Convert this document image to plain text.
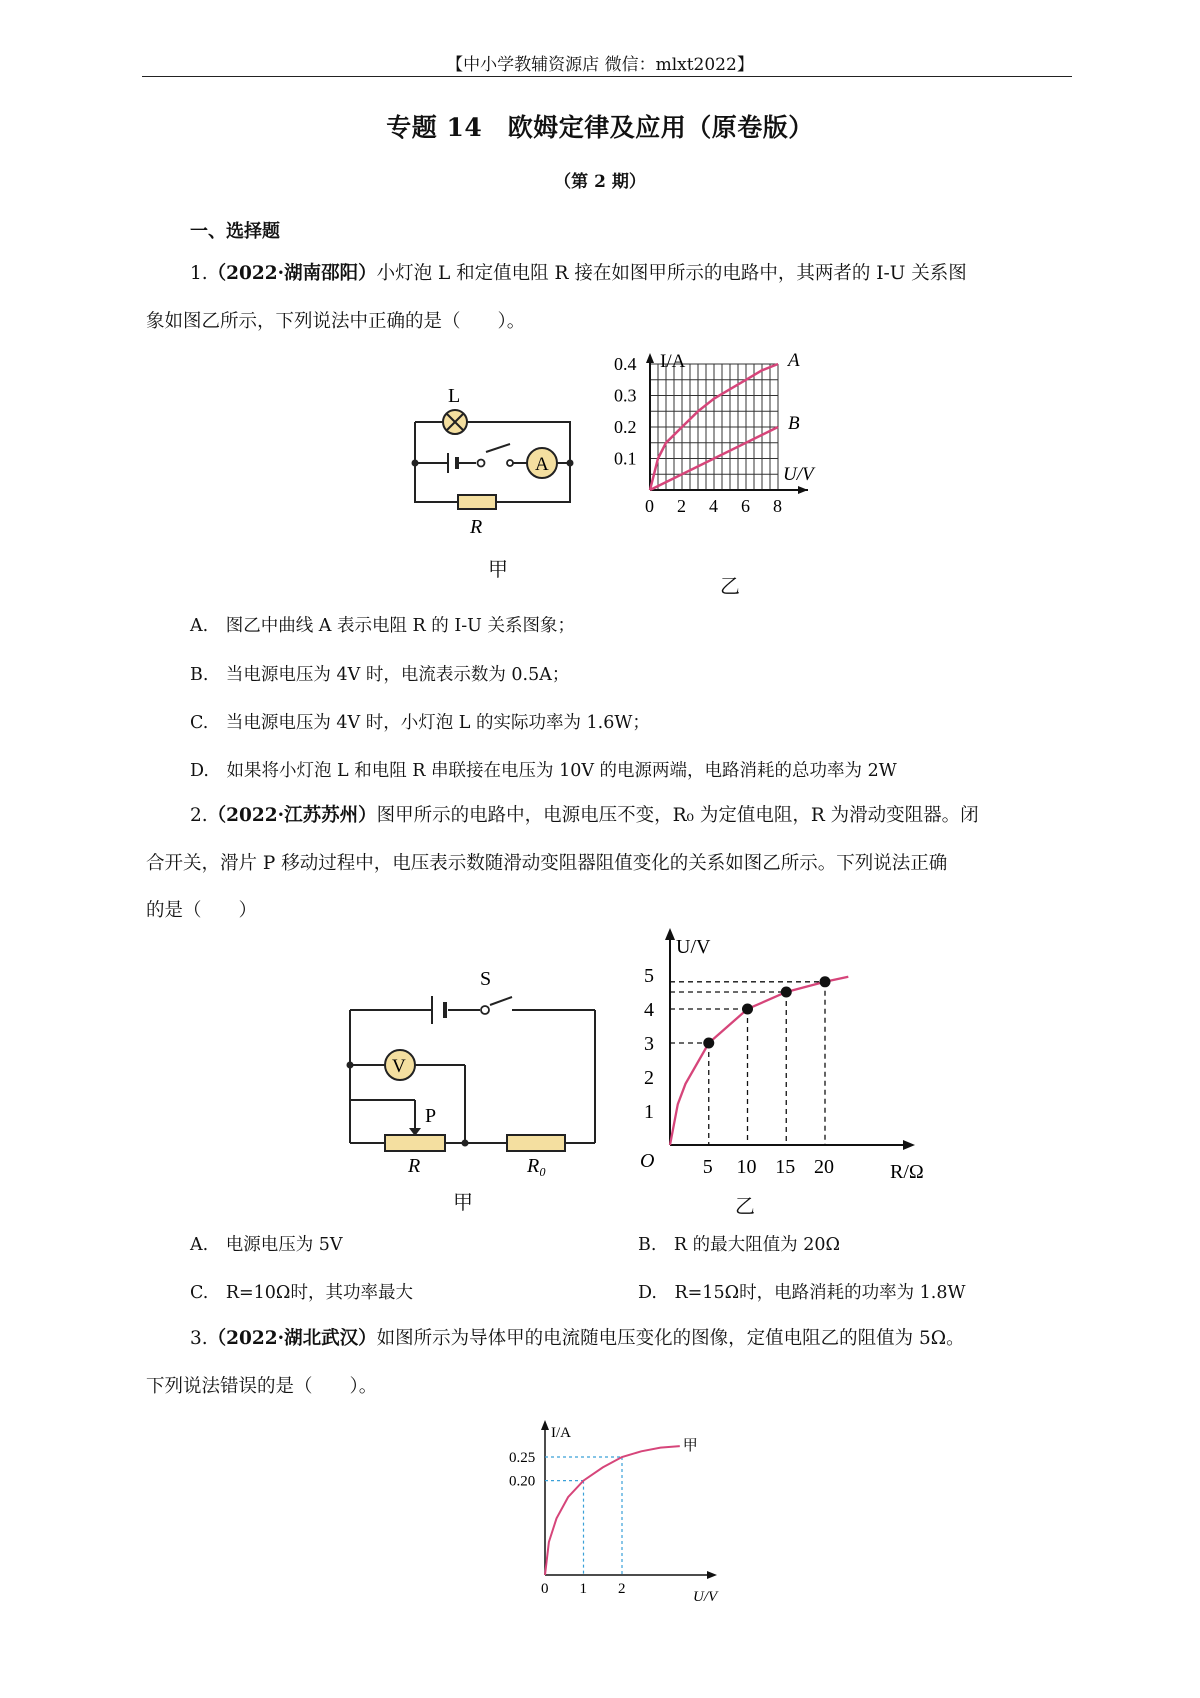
【中小学教辅资源店 微信：mlxt2022】
专题 14　欧姆定律及应用（原卷版）
（第 2 期）
一、选择题
1.（2022·湖南邵阳）小灯泡 L 和定值电阻 R 接在如图甲所示的电路中，其两者的 I-U 关系图
象如图乙所示，下列说法中正确的是（　　）。
L
A
R
甲
A
B
0.1
0.2
0.3
0.4
0 2 4 6 8
I/A
U/V
乙
A.　图乙中曲线 A 表示电阻 R 的 I-U 关系图象；
B.　当电源电压为 4V 时，电流表示数为 0.5A；
C.　当电源电压为 4V 时，小灯泡 L 的实际功率为 1.6W；
D.　如果将小灯泡 L 和电阻 R 串联接在电压为 10V 的电源两端，电路消耗的总功率为 2W
2.（2022·江苏苏州）图甲所示的电路中，电源电压不变，R₀ 为定值电阻，R 为滑动变阻器。闭
合开关，滑片 P 移动过程中，电压表示数随滑动变阻器阻值变化的关系如图乙所示。下列说法正确
的是（　　）
S
V
P
R	R₀
甲
1
2
3
4
5
5 10 15 20
O
U/V
R/Ω
乙
A.　电源电压为 5V	B.　R 的最大阻值为 20Ω
C.　R=10Ω时，其功率最大	D.　R=15Ω时，电路消耗的功率为 1.8W
3.（2022·湖北武汉）如图所示为导体甲的电流随电压变化的图像，定值电阻乙的阻值为 5Ω。
下列说法错误的是（　　）。
甲
0.20
0.25
0 1 2
I/A
U/V
